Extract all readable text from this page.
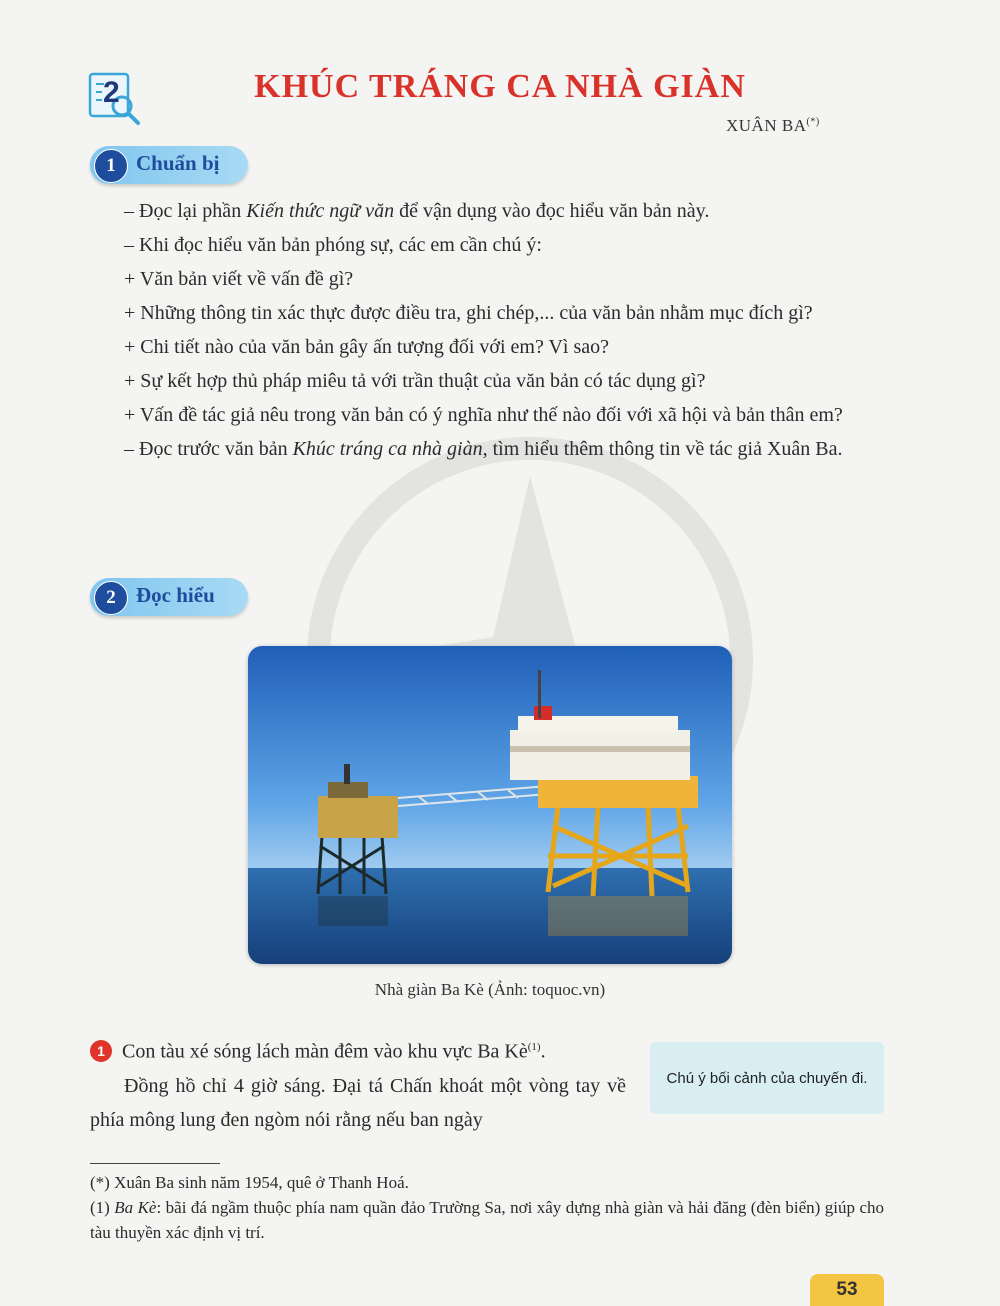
2	KHÚC TRÁNG CA NHÀ GIÀN
XUÂN BA(*)
1 Chuẩn bị

– Đọc lại phần Kiến thức ngữ văn để vận dụng vào đọc hiểu văn bản này.

– Khi đọc hiểu văn bản phóng sự, các em cần chú ý:

+ Văn bản viết về vấn đề gì?

+ Những thông tin xác thực được điều tra, ghi chép,... của văn bản nhằm mục đích gì?

+ Chi tiết nào của văn bản gây ấn tượng đối với em? Vì sao?

+ Sự kết hợp thủ pháp miêu tả với trần thuật của văn bản có tác dụng gì?

+ Vấn đề tác giả nêu trong văn bản có ý nghĩa như thế nào đối với xã hội và bản thân em?

– Đọc trước văn bản Khúc tráng ca nhà giàn, tìm hiểu thêm thông tin về tác giả Xuân Ba.

2 Đọc hiểu
Nhà giàn Ba Kè (Ảnh: toquoc.vn)

1 Con tàu xé sóng lách màn đêm vào khu vực Ba $Kè^{(1)}$.

Đồng hồ chỉ 4 giờ sáng. Đại tá Chấn khoát một vòng tay về phía mông lung đen ngòm nói rằng nếu ban ngày

Chú ý bối cảnh của chuyến đi.

(*) Xuân Ba sinh năm 1954, quê ở Thanh Hoá.

(1) Ba Kè: bãi đá ngầm thuộc phía nam quần đảo Trường Sa, nơi xây dựng nhà giàn và hải đăng (đèn biển) giúp cho tàu thuyền xác định vị trí.

53
